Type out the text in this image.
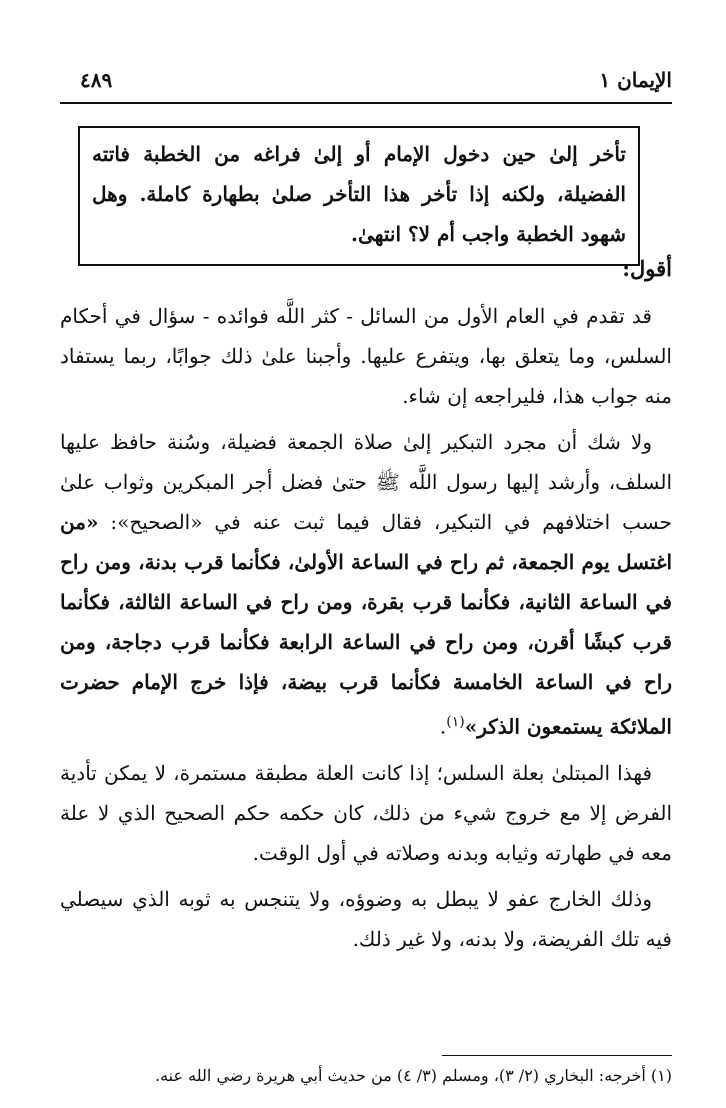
الإيمان ١
٤٨٩
تأخر إلىٰ حين دخول الإمام أو إلىٰ فراغه من الخطبة فاتته الفضيلة، ولكنه إذا تأخر هذا التأخر صلىٰ بطهارة كاملة. وهل شهود الخطبة واجب أم لا؟ انتهىٰ.
أقول:

قد تقدم في العام الأول من السائل - كثر اللَّه فوائده - سؤال في أحكام السلس، وما يتعلق بها، ويتفرع عليها. وأجبنا علىٰ ذلك جوابًا، ربما يستفاد منه جواب هذا، فليراجعه إن شاء.

ولا شك أن مجرد التبكير إلىٰ صلاة الجمعة فضيلة، وسُنة حافظ عليها السلف، وأرشد إليها رسول اللَّه ﷺ حتىٰ فضل أجر المبكرين وثواب علىٰ حسب اختلافهم في التبكير، فقال فيما ثبت عنه في «الصحيح»: «من اغتسل يوم الجمعة، ثم راح في الساعة الأولىٰ، فكأنما قرب بدنة، ومن راح في الساعة الثانية، فكأنما قرب بقرة، ومن راح في الساعة الثالثة، فكأنما قرب كبشًا أقرن، ومن راح في الساعة الرابعة فكأنما قرب دجاجة، ومن راح في الساعة الخامسة فكأنما قرب بيضة، فإذا خرج الإمام حضرت الملائكة يستمعون الذكر»$^{(١)}$.

فهذا المبتلىٰ بعلة السلس؛ إذا كانت العلة مطبقة مستمرة، لا يمكن تأدية الفرض إلا مع خروج شيء من ذلك، كان حكمه حكم الصحيح الذي لا علة معه في طهارته وثيابه وبدنه وصلاته في أول الوقت.

وذلك الخارج عفو لا يبطل به وضوؤه، ولا يتنجس به ثوبه الذي سيصلي فيه تلك الفريضة، ولا بدنه، ولا غير ذلك.

(١) أخرجه: البخاري (٢/ ٣)، ومسلم (٣/ ٤) من حديث أبي هريرة رضي الله عنه.
